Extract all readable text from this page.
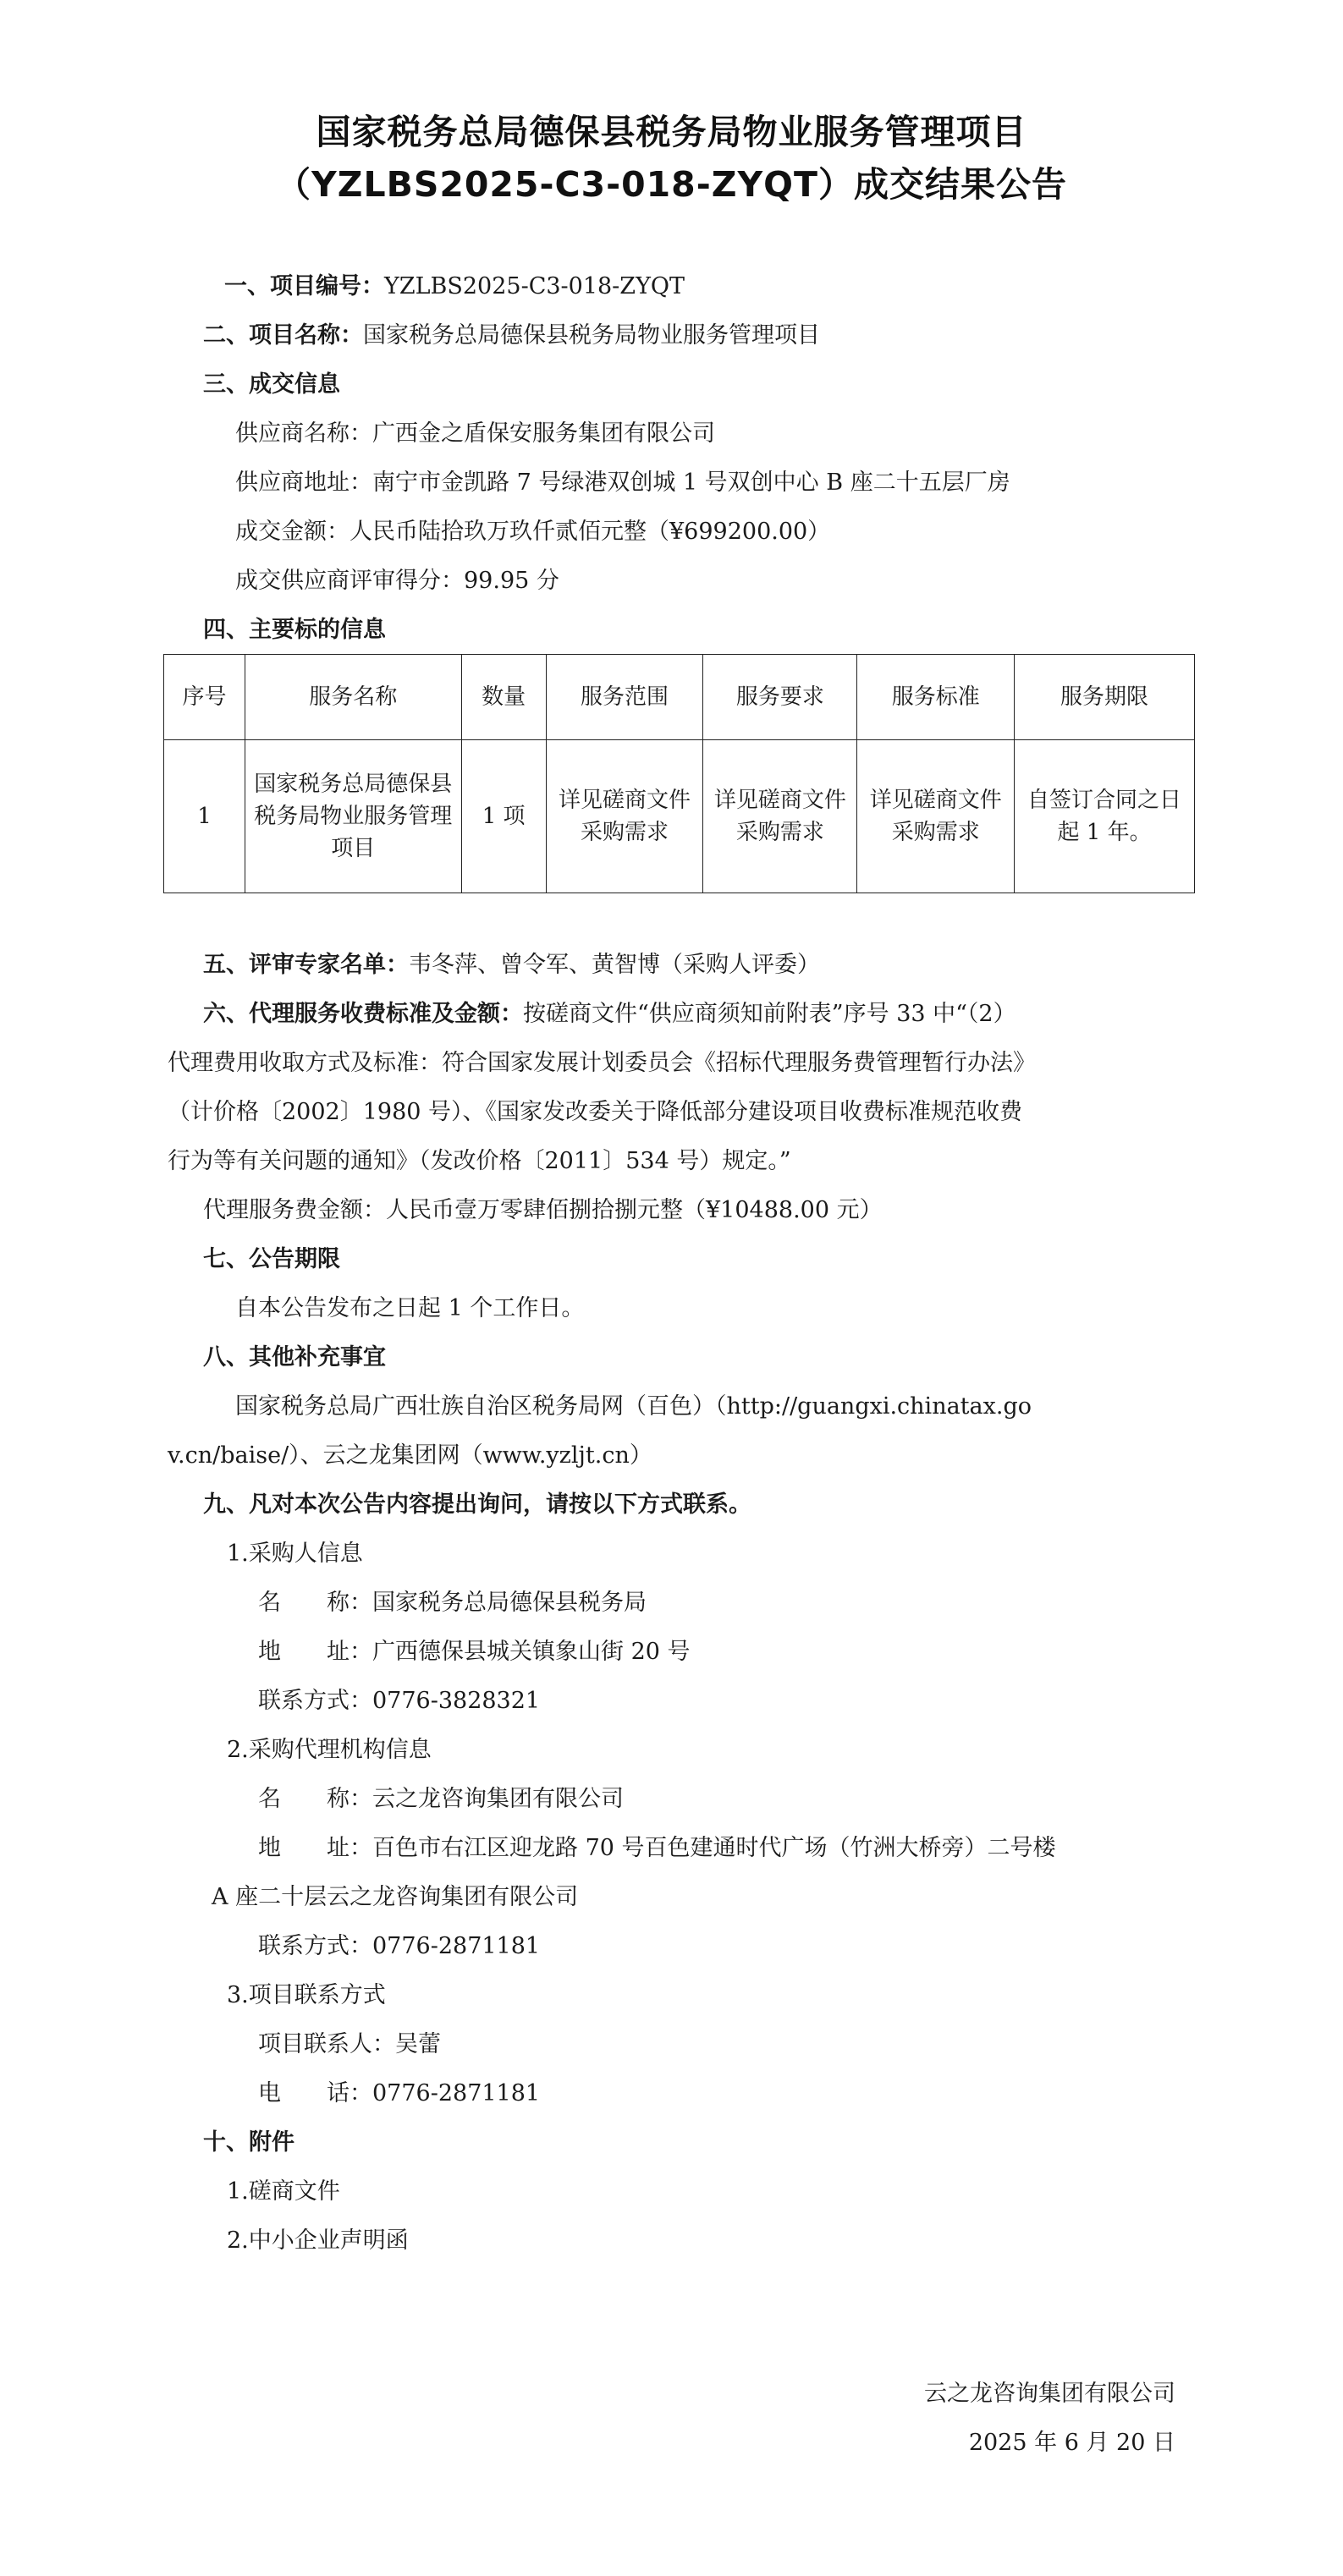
国家税务总局德保县税务局物业服务管理项目
（YZLBS2025-C3-018-ZYQT）成交结果公告
一、项目编号：YZLBS2025-C3-018-ZYQT
二、项目名称：国家税务总局德保县税务局物业服务管理项目
三、成交信息
供应商名称：广西金之盾保安服务集团有限公司
供应商地址：南宁市金凯路 7 号绿港双创城 1 号双创中心 B 座二十五层厂房
成交金额：人民币陆拾玖万玖仟贰佰元整（¥699200.00）
成交供应商评审得分：99.95 分
四、主要标的信息
序号	服务名称	数量	服务范围	服务要求	服务标准	服务期限
1	国家税务总局德保县税务局物业服务管理项目	1 项	详见磋商文件采购需求	详见磋商文件采购需求	详见磋商文件采购需求	自签订合同之日起 1 年。
五、评审专家名单：韦冬萍、曾令军、黄智博（采购人评委）
六、代理服务收费标准及金额：按磋商文件“供应商须知前附表”序号 33 中“（2）
代理费用收取方式及标准：符合国家发展计划委员会《招标代理服务费管理暂行办法》
（计价格〔2002〕1980 号）、《国家发改委关于降低部分建设项目收费标准规范收费
行为等有关问题的通知》（发改价格〔2011〕534 号）规定。”
代理服务费金额：人民币壹万零肆佰捌拾捌元整（¥10488.00 元）
七、公告期限
自本公告发布之日起 1 个工作日。
八、其他补充事宜
国家税务总局广西壮族自治区税务局网（百色）（http://guangxi.chinatax.go
v.cn/baise/）、云之龙集团网（www.yzljt.cn）
九、凡对本次公告内容提出询问，请按以下方式联系。
1.采购人信息
名　　称：国家税务总局德保县税务局
地　　址：广西德保县城关镇象山街 20 号
联系方式：0776-3828321
2.采购代理机构信息
名　　称：云之龙咨询集团有限公司
地　　址：百色市右江区迎龙路 70 号百色建通时代广场（竹洲大桥旁）二号楼
A 座二十层云之龙咨询集团有限公司
联系方式：0776-2871181
3.项目联系方式
项目联系人：吴蕾
电　　话：0776-2871181
十、附件
1.磋商文件
2.中小企业声明函
云之龙咨询集团有限公司
2025 年 6 月 20 日
